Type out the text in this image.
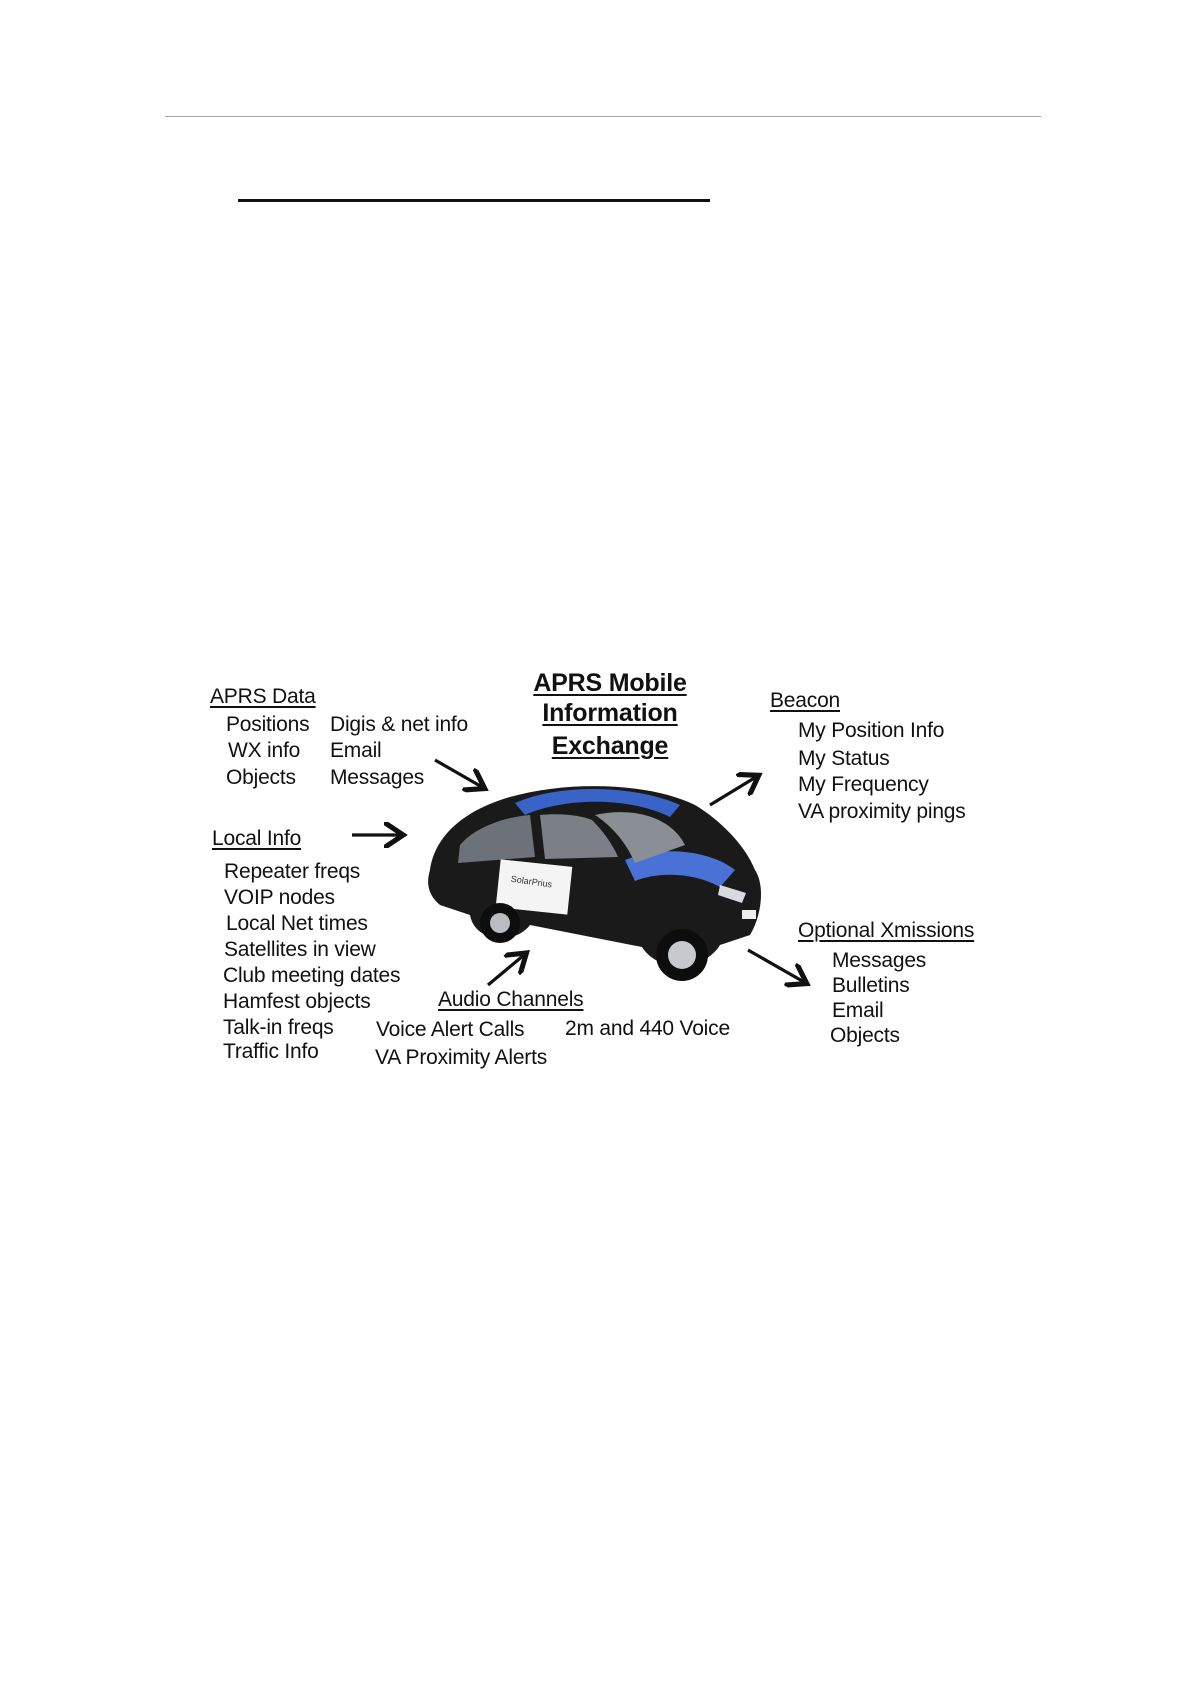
APRS Mobile
Information
Exchange
APRS Data
Positions
WX info
Objects
Digis & net info
Email
Messages
Local Info
Repeater freqs
VOIP nodes
Local Net times
Satellites in view
Club meeting dates
Hamfest objects
Talk-in freqs
Traffic Info
Beacon
My Position Info
My Status
My Frequency
VA proximity pings
Optional Xmissions
Messages
Bulletins
Email
Objects
Audio Channels
Voice Alert Calls 2m and 440 Voice
VA Proximity Alerts
SolarPrius
